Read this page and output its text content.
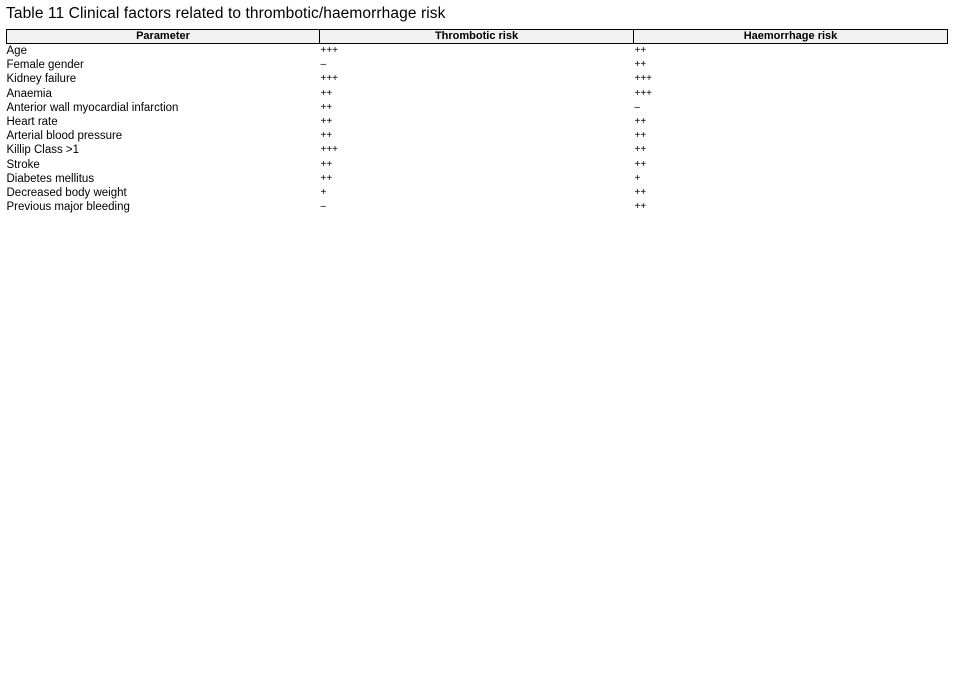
Table 11 Clinical factors related to thrombotic/haemorrhage risk
Parameter	Thrombotic risk	Haemorrhage risk
Age	+++	++
Female gender	–	++
Kidney failure	+++	+++
Anaemia	++	+++
Anterior wall myocardial infarction	++	–
Heart rate	++	++
Arterial blood pressure	++	++
Killip Class >1	+++	++
Stroke	++	++
Diabetes mellitus	++	+
Decreased body weight	+	++
Previous major bleeding	–	++
